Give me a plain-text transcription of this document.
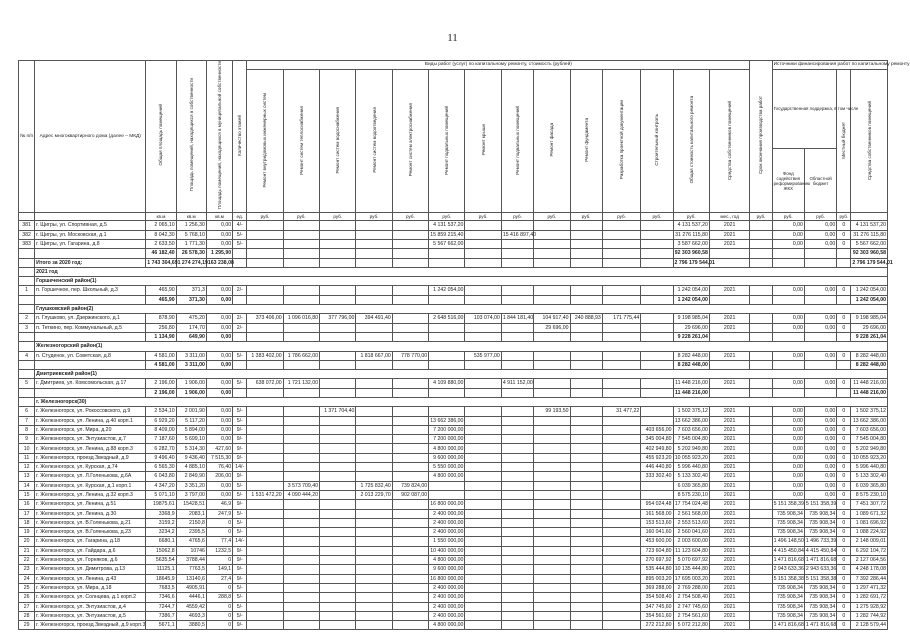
11
№ п/п	Адрес многоквартирного дома (далее – МКД)	Общая площадь помещений	Площадь помещений, находящихся в собственности	Площадь помещений, находящихся в муниципальной собственности	Количество этажей	Виды работ (услуг) по капитальному ремонту, стоимость (рублей)														Срок окончания производства работ	Источники финансирования работ по капитальному ремонту			
						Ремонт внутридомовых инженерных систем	Ремонт систем теплоснабжения	Ремонт систем водоснабжения	Ремонт систем водоотведения	Ремонт систем электроснабжения	Ремонт подвальных помещений	Ремонт крыши	Ремонт подвальных помещений	Ремонт фасада	Ремонт фундамента	Разработка проектной документации	Строительный контроль	Общая стоимость капитального ремонта	Средства собственников помещений		Государственная поддержка, в том числе		Местный бюджет	Средства собственников помещений
																					Фонд содействия реформированию ЖКХ	Областной бюджет		
		кв.м	кв.м	кв.м	ед.	руб.	руб.	руб.	руб.	руб.	руб.	руб.	руб.	руб.	руб.	руб.	руб.	руб.	мес., год	руб.	руб.	руб.	руб.	
381	г. Щигры, ул. Спортивная, д.5	2 065,10	1 256,30	0,00	4/-						4 131 537,20							4 131 537,20	2021		0,00	0,00	0	4 131 537,20
382	г. Щигры, ул. Московская, д.1	8 042,30	5 768,10	0,00	5/-						15 859 215,40		15 416 897,40					31 276 115,80	2021		0,00	0,00	0	31 276 115,80
383	г. Щигры, ул. Гагарина, д.8	2 633,50	1 771,30	0,00	5/-						5 567 662,00							3 587 662,00	2021		0,00	0,00	0	5 567 662,00
		46 182,40	26 578,30	1 295,90														92 303 960,58						92 303 960,58
	Итого за 2020 год:	1 743 304,69	1 274 274,19	163 238,08														2 796 179 544,01						2 796 179 544,01
	2021 год																							
	Горшеченский район(1)																							
1	п. Горшечное, пер. Школьный, д.3	465,90	371,3	0,00	2/-						1 242 054,00							1 242 054,00	2021		0,00	0,00	0	1 242 054,00
		465,90	371,30	0,00														1 242 054,00						1 242 054,00
	Глушковский район(2)																							
2	п. Глушково, ул. Дзержинского, д.1	878,90	475,20	0,00	2/-	373 406,00	1 096 016,80	377 796,00	394 491,40		2 648 516,00	103 074,00	1 844 181,40	104 917,40	240 888,93	171 775,44		9 198 985,04	2021		0,00	0,00	0	9 198 985,04
3	п. Теткино, пер. Коммунальный, д.5	256,80	174,70	0,00	2/-									29 696,00				29 696,00	2021		0,00	0,00	0	29 696,00
		1 134,90	649,90	0,00														9 228 261,04						9 228 261,04
	Железногорский район(1)																							
4	п. Студенок, ул. Советская, д.8	4 581,00	3 311,00	0,00	5/-	1 383 402,00	1 786 662,00		1 818 667,00	778 770,00		535 977,00						8 282 448,00	2021		0,00	0,00	0	8 282 448,00
		4 581,00	3 311,00	0,00														8 282 448,00						8 282 448,00
	Дмитриевский район(1)																							
5	г. Дмитриев, ул. Комсомольская, д.17	2 196,00	1 906,00	0,00	5/-	638 072,00	1 721 132,00				4 109 880,00		4 911 152,00					11 448 216,00	2021		0,00	0,00	0	11 448 216,00
		2 196,00	1 906,00	0,00														11 448 216,00						11 448 216,00
	г. Железногорск(30)																							
6	г. Железногорск, ул. Рокоссовского, д.9	2 534,10	2 001,90	0,00	5/-			1 371 704,40						99 193,50		31 477,22		1 502 375,12	2021		0,00	0,00	0	1 502 375,12
7	г. Железногорск, ул. Ленина, д.40 корп.1	6 929,20	5 117,20	0,00	5/-						13 662 386,00							13 662 386,00	2021		0,00	0,00	0	13 662 386,00
8	г. Железногорск, ул. Мира, д.20	8 409,00	5 894,00	0,00	9/-						7 200 000,00						403 656,00	7 603 656,00	2021		0,00	0,00	0	7 603 656,00
9	г. Железногорск, ул. Энтузиастов, д.7	7 187,60	5 699,10	0,00	9/-						7 200 000,00						345 004,80	7 545 004,80	2021		0,00	0,00	0	7 545 004,80
10	г. Железногорск, ул. Ленина, д.88 корп.3	6 282,70	5 314,30	427,60	9/-						4 800 000,00						402 949,80	5 202 949,80	2021		0,00	0,00	0	5 202 949,80
11	г. Железногорск, проезд Звездный, д.9	9 496,40	9 436,40	7 515,30	9/-						9 600 000,00						455 923,20	10 055 923,20	2021		0,00	0,00	0	10 055 923,20
12	г. Железногорск, ул. Курская, д.74	6 565,30	4 885,10	76,40	14/-						5 550 000,00						446 440,80	5 996 440,80	2021		0,00	0,00	0	5 996 440,80
13	г. Железногорск, ул. Л.Голенькова, д.6А	6 043,80	2 849,90	206,00	9/-						4 800 000,00						333 302,40	5 133 302,40	2021		0,00	0,00	0	5 133 302,40
14	г. Железногорск, ул. Курская, д.1 корп.1	4 347,20	3 351,20	0,00	5/-		3 573 709,40		1 725 832,40	739 824,00								6 039 365,80	2021		0,00	0,00	0	6 039 365,80
15	г. Железногорск, ул. Ленина, д.32 корп.3	5 071,10	3 797,00	0,00	5/-	1 531 472,20	4 090 444,20		2 013 229,70	902 087,00								8 575 230,10	2021		0,00	0,00	0	8 575 230,10
16	г. Железногорск, ул. Ленина, д.51	19875,61	15428,51	46,9	9/-						16 800 000,00						954 024,48	17 754 024,48	2021		5 151 358,39	5 151 358,39	0	7 451 307,72
17	г. Железногорск, ул. Ленина, д.30	3368,9	2083,1	247,9	5/-						2 400 000,00						161 568,00	2 561 568,00	2021		735 908,34	735 908,34	0	1 089 671,32
18	г. Железногорск, ул. В.Голенькова, д.21	3159,2	2150,8	0	5/-						2 400 000,00						153 513,60	2 553 513,60	2021		735 908,34	735 908,34	0	1 081 696,92
19	г. Железногорск, ул. В.Голенькова, д.23	3234,2	2395,5	0	5/-						2 400 000,00						160 041,60	2 560 041,60	2021		735 908,34	735 908,34	0	1 088 224,92
20	г. Железногорск, ул. Гагарина, д.18	6680,1	4765,6	77,4	14/-						1 550 000,00						453 600,00	2 003 600,00	2021		1 496 148,50	1 496 733,39	0	2 148 009,01
21	г. Железногорск, ул. Гайдара, д.6	15062,8	10746	1232,5	9/-						10 400 000,00						723 604,80	11 123 604,80	2021		4 415 450,84	4 415 450,84	0	6 292 104,72
22	г. Железногорск, ул. Горняков, д.6	5635,54	3788,44	0	9/-						4 800 000,00						270 697,92	5 070 697,92	2021		1 471 816,68	1 471 816,68	0	2 127 064,56
23	г. Железногорск, ул. Димитрова, д.13	11125,1	7763,5	149,1	9/-						9 600 000,00						535 444,80	10 135 444,80	2021		2 943 633,36	2 943 633,36	0	4 248 178,08
24	г. Железногорск, ул. Ленина, д.43	18645,9	13140,6	27,4	9/-						16 800 000,00						895 003,20	17 695 003,20	2021		5 151 358,38	5 151 358,38	0	7 392 286,44
25	г. Железногорск, ул. Мира, д.18	7683,5	4905,91	0	5/-						2 400 000,00						369 288,00	2 769 288,00	2021		735 908,34	735 908,34	0	1 297 471,32
26	г. Железногорск, ул. Солнцева, д.1 корп.2	7346,6	4446,1	288,8	5/-						2 400 000,00						354 508,40	2 754 508,40	2021		735 908,34	735 908,34	0	1 282 691,72
27	г. Железногорск, ул. Энтузиастов, д.4	7244,7	4559,42	0	5/-						2 400 000,00						347 745,60	2 747 745,60	2021		735 908,34	735 908,34	0	1 275 928,92
28	г. Железногорск, ул. Энтузиастов, д.5	7386,7	4693,3	0	5/-						2 400 000,00						354 561,60	2 754 561,60	2021		735 908,34	735 908,34	0	1 282 744,92
29	г. Железногорск, проезд Звездный, д.9 корп.3	5671,1	3880,5	0	9/-						4 800 000,00						272 212,80	5 072 212,80	2021		1 471 816,68	1 471 816,68	0	2 128 579,44
